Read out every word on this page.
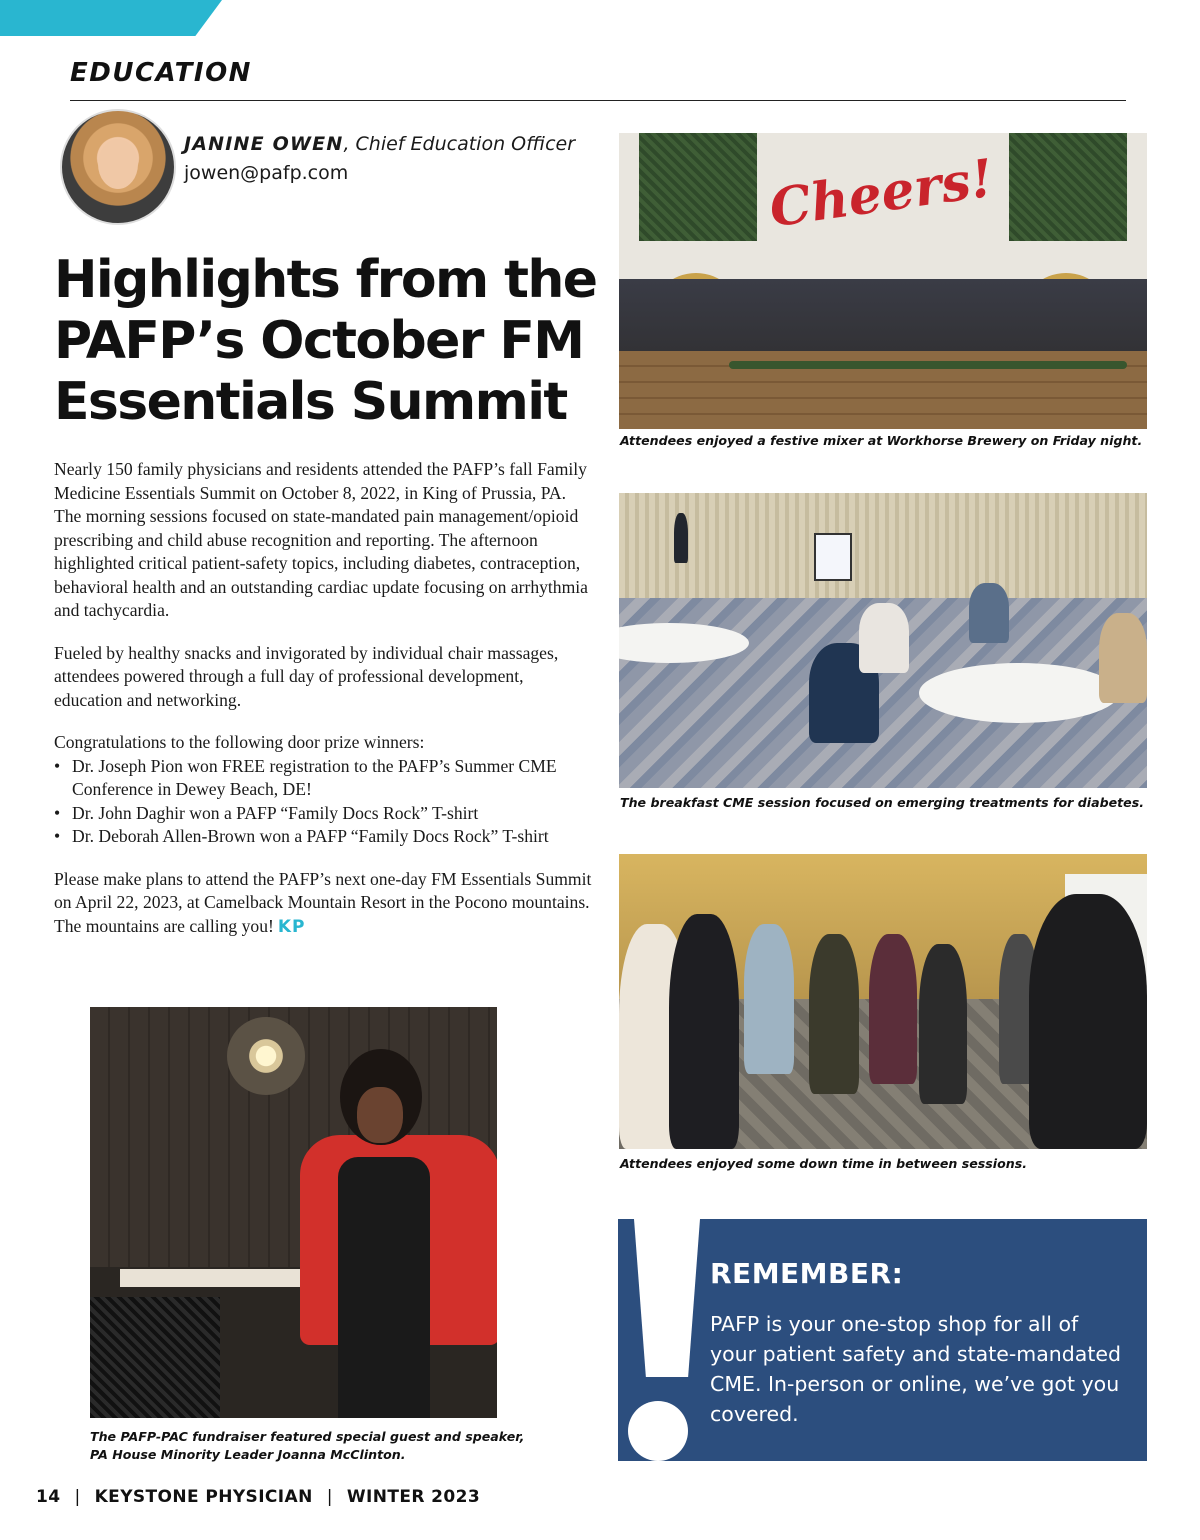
EDUCATION
JANINE OWEN, Chief Education Officer
jowen@pafp.com
Highlights from the PAFP’s October FM Essentials Summit

Nearly 150 family physicians and residents attended the PAFP’s fall Family Medicine Essentials Summit on October 8, 2022, in King of Prussia, PA. The morning sessions focused on state-mandated pain management/opioid prescribing and child abuse recognition and reporting. The afternoon highlighted critical patient-safety topics, including diabetes, contraception, behavioral health and an outstanding cardiac update focusing on arrhythmia and tachycardia.

Fueled by healthy snacks and invigorated by individual chair massages, attendees powered through a full day of professional development, education and networking.

Congratulations to the following door prize winners:

• Dr. Joseph Pion won FREE registration to the PAFP’s Summer CME Conference in Dewey Beach, DE!
• Dr. John Daghir won a PAFP “Family Docs Rock” T-shirt
• Dr. Deborah Allen-Brown won a PAFP “Family Docs Rock” T-shirt

Please make plans to attend the PAFP’s next one-day FM Essentials Summit on April 22, 2023, at Camelback Mountain Resort in the Pocono mountains. The mountains are calling you! KP

Cheers!
Attendees enjoyed a festive mixer at Workhorse Brewery on Friday night.
The breakfast CME session focused on emerging treatments for diabetes.
Attendees enjoyed some down time in between sessions.
The PAFP-PAC fundraiser featured special guest and speaker,
PA House Minority Leader Joanna McClinton.
REMEMBER:
PAFP is your one-stop shop for all of your patient safety and state-mandated CME. In-person or online, we’ve got you covered.
14 | KEYSTONE PHYSICIAN | WINTER 2023
